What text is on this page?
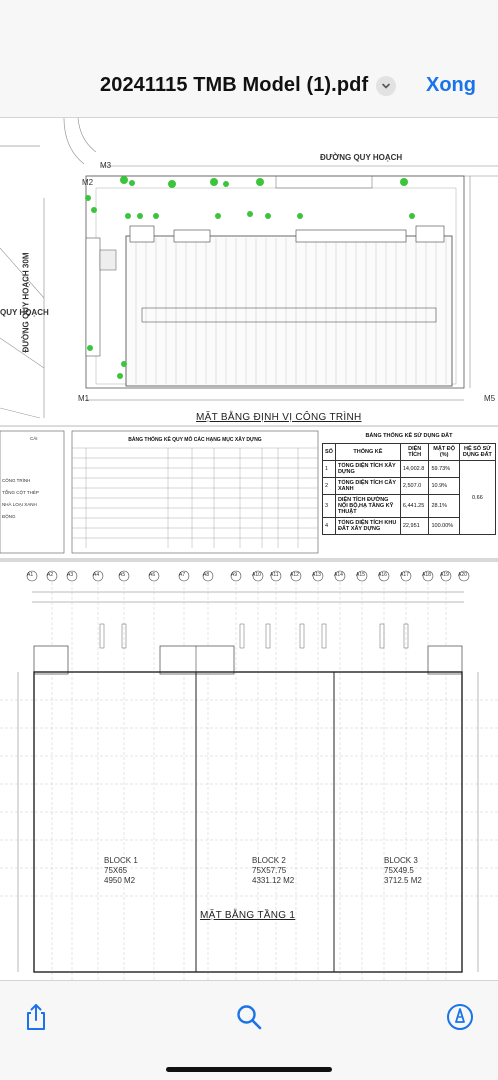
20241115 TMB Model (1).pdf	Xong
ĐƯỜNG QUY HOẠCH
ĐƯỜNG QUY HOẠCH 30M
QUY HOẠCH
M3
M2
M1	M5
MẶT BẰNG ĐỊNH VỊ CÔNG TRÌNH
BẢNG THỐNG KÊ QUY MÔ CÁC HẠNG MỤC XÂY DỰNG
CÁI
CÔNG TRÌNH
TỔNG CỘT THÉP
NHÀ LOẠI XANH
ĐỘNG
BẢNG THỐNG KÊ SỬ DỤNG ĐẤT
SỐ	THỐNG KÊ	DIỆN TÍCH	MẬT ĐỘ (%)	HỆ SỐ SỬ DỤNG ĐẤT
1	TỔNG DIỆN TÍCH XÂY DỰNG	14,002.8	59.73%	0.66
2	TỔNG DIỆN TÍCH CÂY XANH	2,507.0	10.9%	
3	DIỆN TÍCH ĐƯỜNG NỘI BỘ,HẠ TẦNG KỸ THUẬT	6,441.25	28.1%	
4	TỔNG DIỆN TÍCH KHU ĐẤT XÂY DỰNG	22,951	100.00%	
A1	A2	A3	A4	A5	A6	A7	A8	A9	A10 A11 A12	A13	A14	A15	A16	A17	A18 A19 A20
BLOCK 1
75X65
4950 M2
BLOCK 2
75X57.75
4331.12 M2
BLOCK 3
75X49.5
3712.5 M2
MẶT BẰNG TẦNG 1
